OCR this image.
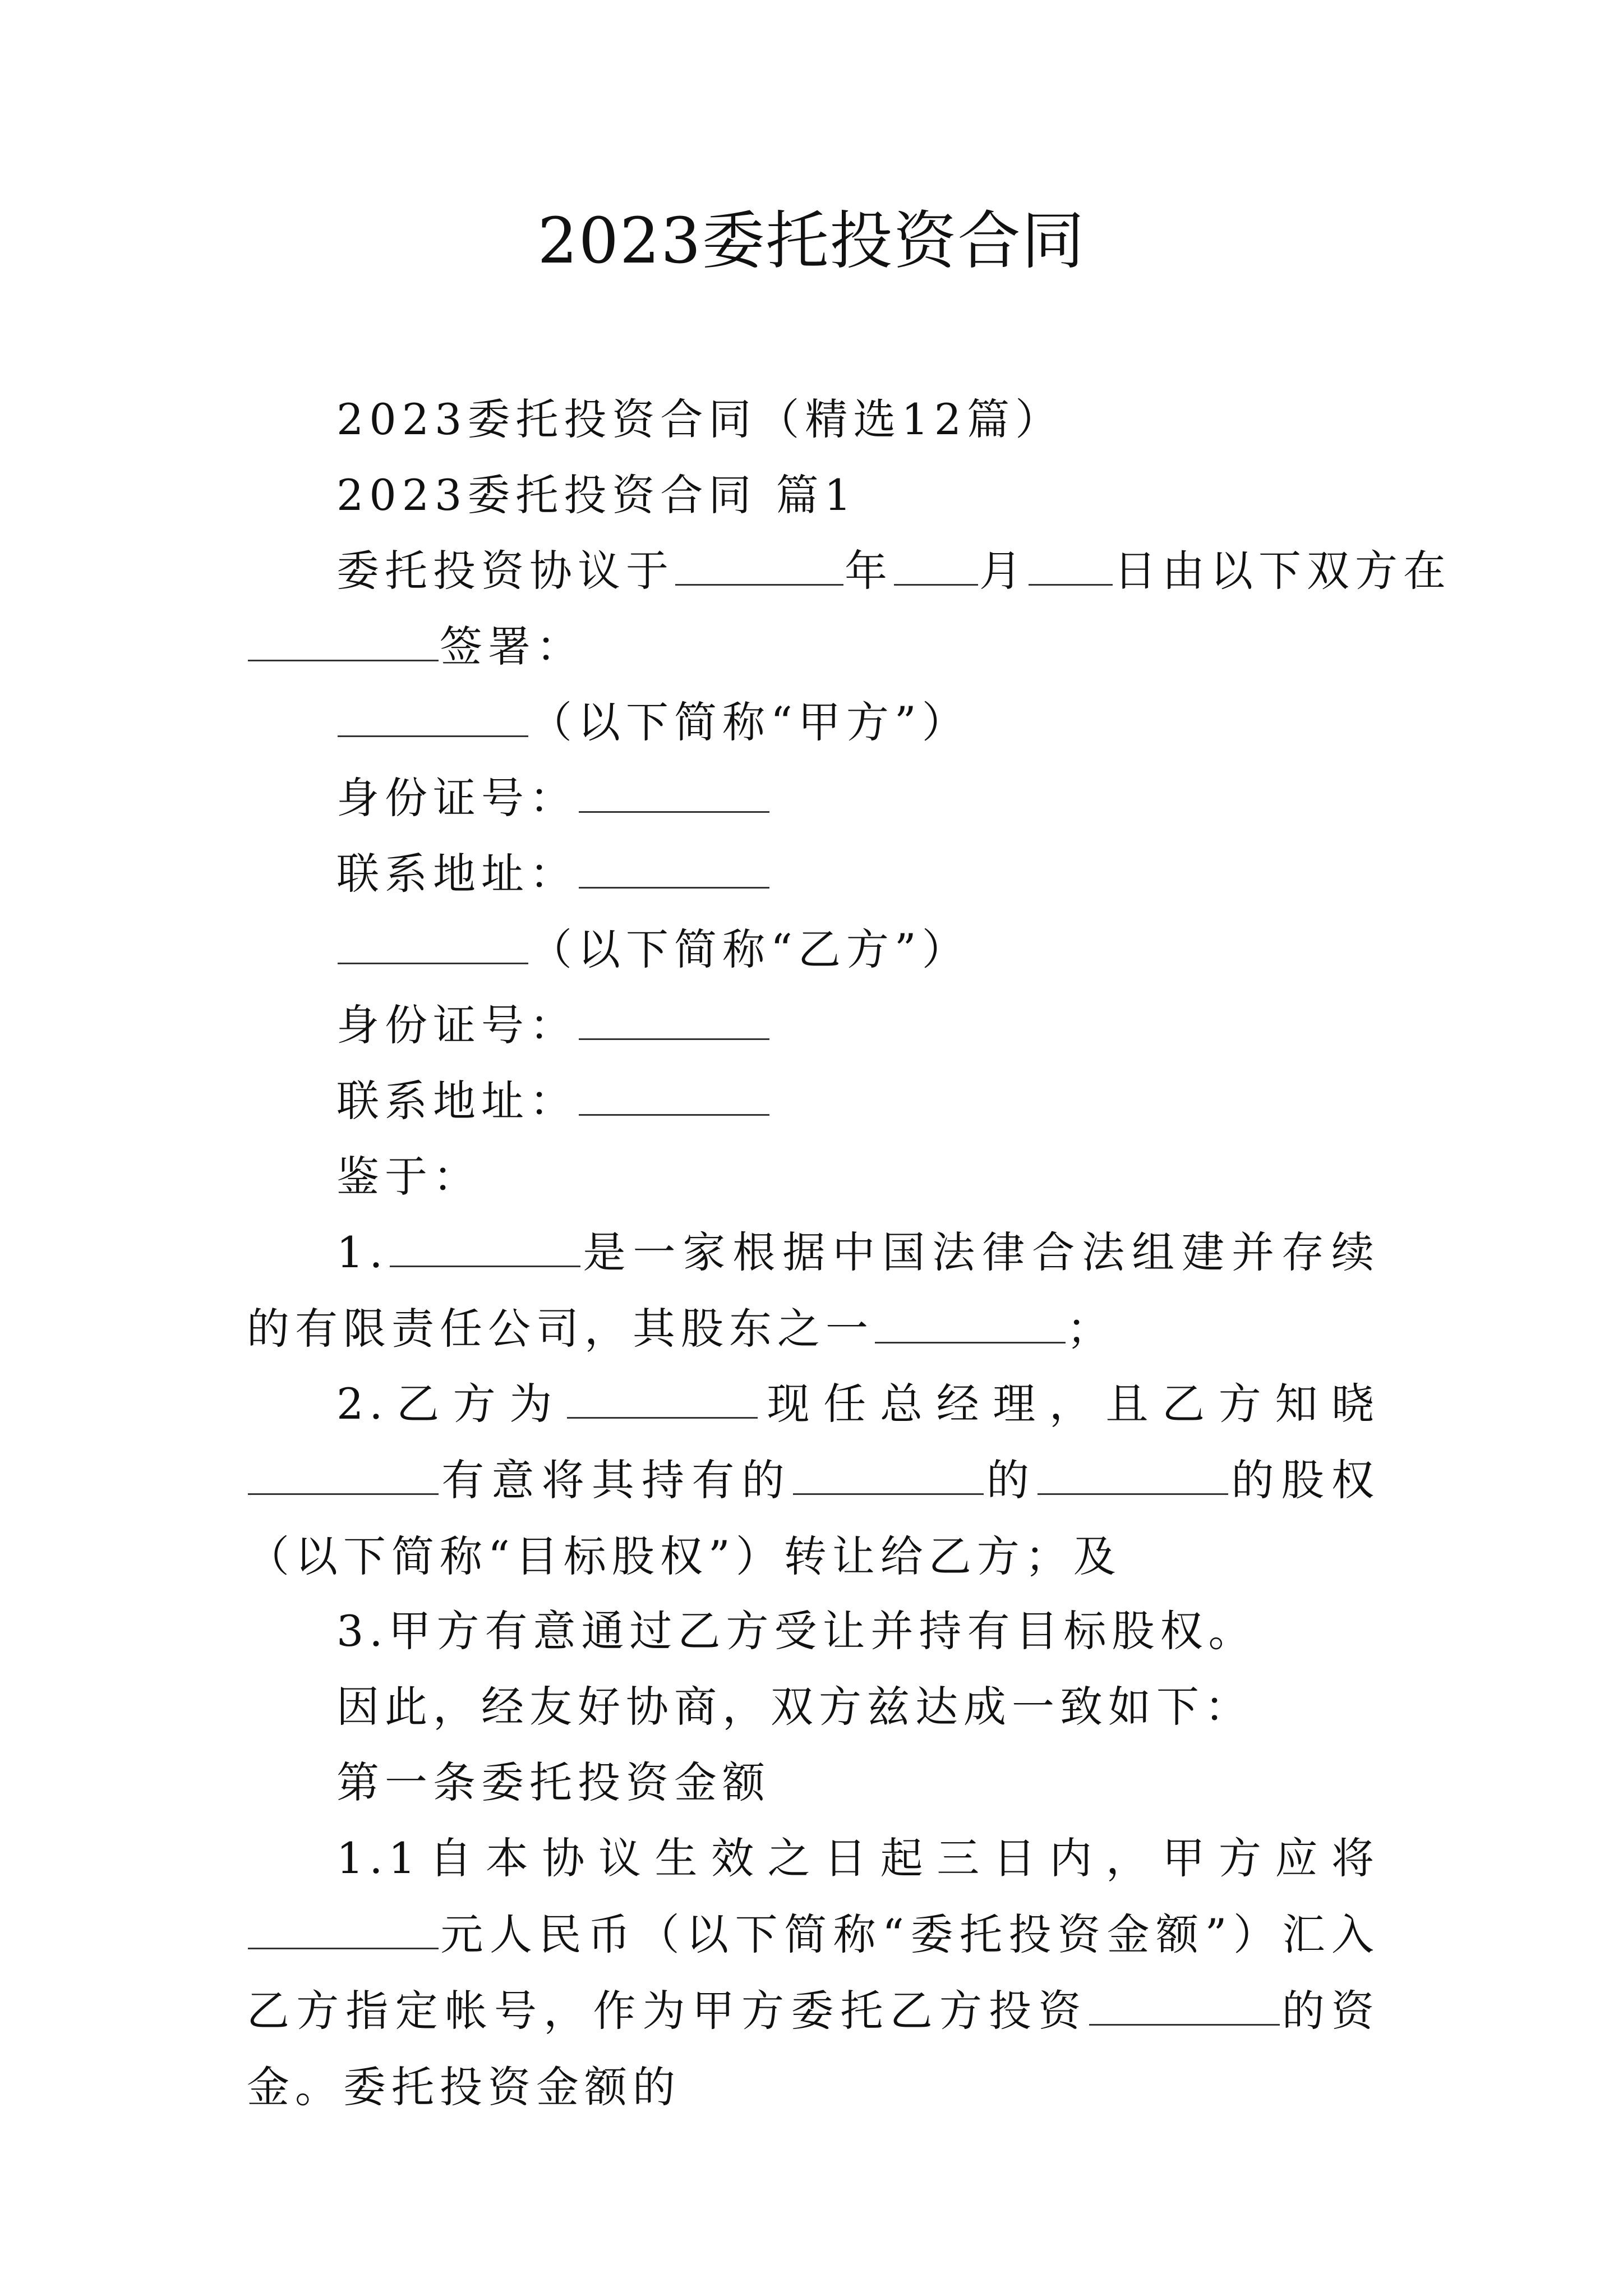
2023委托投资合同
2023委托投资合同（精选12篇）
2023委托投资合同 篇1
委托投资协议于	年 月 日由以下双方在
签署：
（以下简称“甲方”）
身份证号：
联系地址：
（以下简称“乙方”）
身份证号：
联系地址：
鉴于：
1.	是一家根据中国法律合法组建并存续的有限责任公司，其股东之一	；
2.乙方为	现任总经理，且乙方知晓有意将其持有的	的	的股权（以下简称“目标股权”）转让给乙方；及
3.甲方有意通过乙方受让并持有目标股权。
因此，经友好协商，双方兹达成一致如下：
第一条委托投资金额
1.1自本协议生效之日起三日内，甲方应将元人民币（以下简称“委托投资金额”）汇入乙方指定帐号，作为甲方委托乙方投资	的资金。委托投资金额的
